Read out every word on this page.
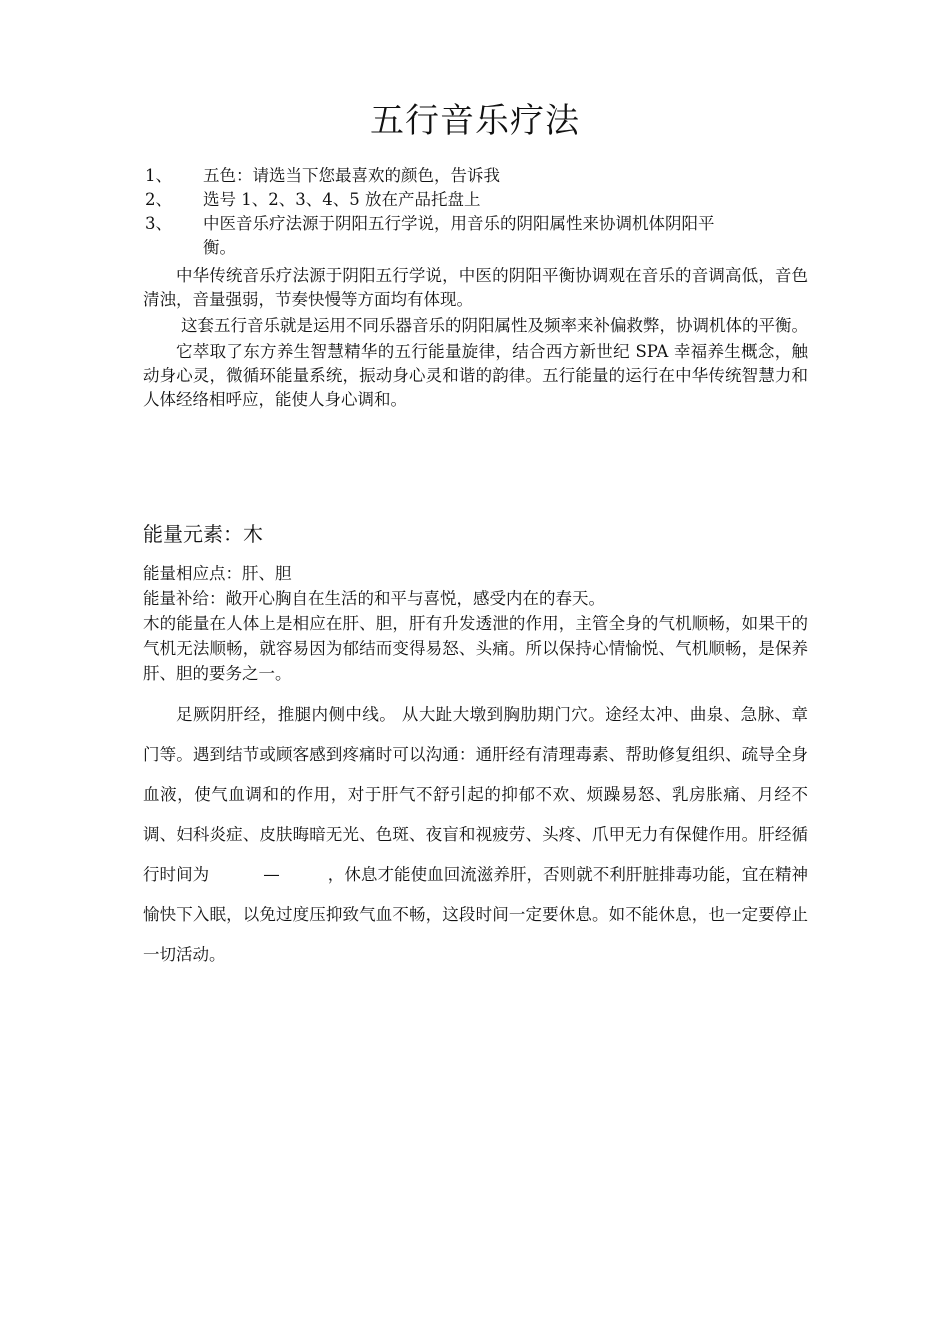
五行音乐疗法
1、	五色：请选当下您最喜欢的颜色，告诉我
2、	选号 1、2、3、4、5 放在产品托盘上
3、	中医音乐疗法源于阴阳五行学说，用音乐的阴阳属性来协调机体阴阳平
衡。

中华传统音乐疗法源于阴阳五行学说，中医的阴阳平衡协调观在音乐的音调高低，音色清浊，音量强弱，节奏快慢等方面均有体现。

这套五行音乐就是运用不同乐器音乐的阴阳属性及频率来补偏救弊，协调机体的平衡。

它萃取了东方养生智慧精华的五行能量旋律，结合西方新世纪 SPA 幸福养生概念，触动身心灵，微循环能量系统，振动身心灵和谐的韵律。五行能量的运行在中华传统智慧力和人体经络相呼应，能使人身心调和。

能量元素：木

能量相应点：肝、胆

能量补给：敞开心胸自在生活的和平与喜悦，感受内在的春天。

木的能量在人体上是相应在肝、胆，肝有升发透泄的作用，主管全身的气机顺畅，如果干的气机无法顺畅，就容易因为郁结而变得易怒、头痛。所以保持心情愉悦、气机顺畅，是保养肝、胆的要务之一。

足厥阴肝经，推腿内侧中线。 从大趾大墩到胸肋期门穴。途经太冲、曲泉、急脉、章门等。遇到结节或顾客感到疼痛时可以沟通：通肝经有清理毒素、帮助修复组织、疏导全身血液，使气血调和的作用，对于肝气不舒引起的抑郁不欢、烦躁易怒、乳房胀痛、月经不调、妇科炎症、皮肤晦暗无光、色斑、夜盲和视疲劳、头疼、爪甲无力有保健作用。肝经循行时间为	—	，休息才能使血回流滋养肝，否则就不利肝脏排毒功能，宜在精神愉快下入眠，以免过度压抑致气血不畅，这段时间一定要休息。如不能休息，也一定要停止一切活动。
